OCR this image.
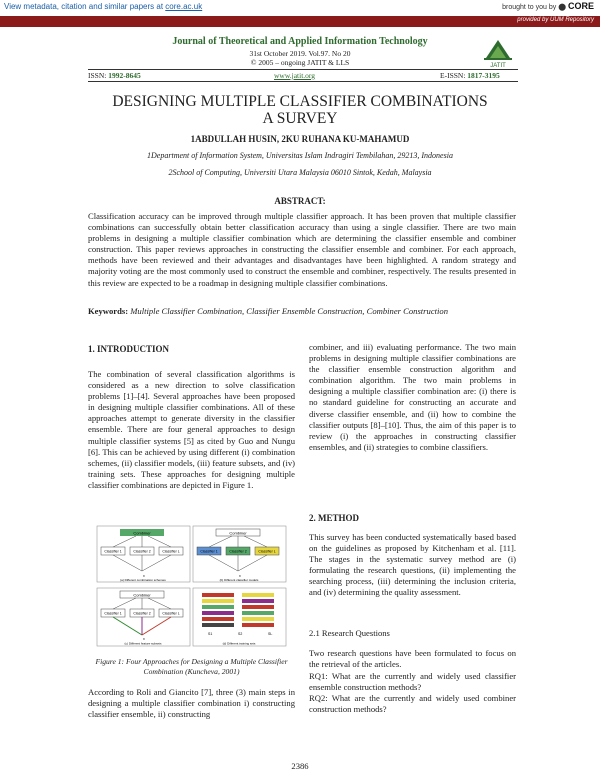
View metadata, citation and similar papers at core.ac.uk	brought to you by ⬤ CORE
provided by UUM Repository
Journal of Theoretical and Applied Information Technology
31st October 2019. Vol.97. No 20
© 2005 – ongoing JATIT & LLS	JATIT
ISSN: 1992-8645	www.jatit.org	E-ISSN: 1817-3195
DESIGNING MULTIPLE CLASSIFIER COMBINATIONS
A SURVEY
1ABDULLAH HUSIN, 2KU RUHANA KU-MAHAMUD
1Department of Information System, Universitas Islam Indragiri Tembilahan, 29213, Indonesia
2School of Computing, Universiti Utara Malaysia 06010 Sintok, Kedah, Malaysia
ABSTRACT:
Classification accuracy can be improved through multiple classifier approach. It has been proven that multiple classifier combinations can successfully obtain better classification accuracy than using a single classifier. There are two main problems in designing a multiple classifier combination which are determining the classifier ensemble and combiner construction. This paper reviews approaches in constructing the classifier ensemble and combiner. For each approach, methods have been reviewed and their advantages and disadvantages have been highlighted. A random strategy and majority voting are the most commonly used to construct the ensemble and combiner, respectively. The results presented in this review are expected to be a roadmap in designing multiple classifier combinations.
Keywords: Multiple Classifier Combination, Classifier Ensemble Construction, Combiner Construction
1. INTRODUCTION
The combination of several classification algorithms is considered as a new direction to solve classification problems [1]–[4]. Several approaches have been proposed in designing multiple classifier combinations. All of these approaches attempt to generate diversity in the classifier ensemble. There are four general approaches to design multiple classifier systems [5] as cited by Guo and Nungu [6]. This can be achieved by using different (i) combination schemes, (ii) classifier models, (iii) feature subsets, and (iv) training sets. These approaches for designing multiple classifier combinations are depicted in Figure 1.
Combiner
Classifier 1	Classifier 2	Classifier L
x
(a) Different combination schemes
Combiner
Classifier 1	Classifier 2	Classifier L
x
(b) Different classifier models
Combiner
Classifier 1	Classifier 2	Classifier L
x
(c) Different feature subsets
S1	S2	SL
(d) Different training sets
Figure 1: Four Approaches for Designing a Multiple Classifier Combination (Kuncheva, 2001)
According to Roli and Giancito [7], three (3) main steps in designing a multiple classifier combination i) constructing classifier ensemble, ii) constructing
combiner, and iii) evaluating performance. The two main problems in designing multiple classifier combinations are the classifier ensemble construction algorithm and combination algorithm. The two main problems in designing a multiple classifier combination are: (i) there is no standard guideline for constructing an accurate and diverse classifier ensemble, and (ii) how to combine the classifier outputs [8]–[10]. Thus, the aim of this paper is to review (i) the approaches in constructing classifier ensembles, and (ii) strategies to combine classifiers.
2. METHOD
This survey has been conducted systematically based based on the guidelines as proposed by Kitchenham et al. [11]. The stages in the systematic survey method are (i) formulating the research questions, (ii) implementing the searching process, (iii) determining the inclusion criteria, and (iv) determining the quality assessment.
2.1 Research Questions
Two research questions have been formulated to focus on the retrieval of the articles.
RQ1: What are the currently and widely used classifier ensemble construction methods?
RQ2: What are the currently and widely used combiner construction methods?
2386
